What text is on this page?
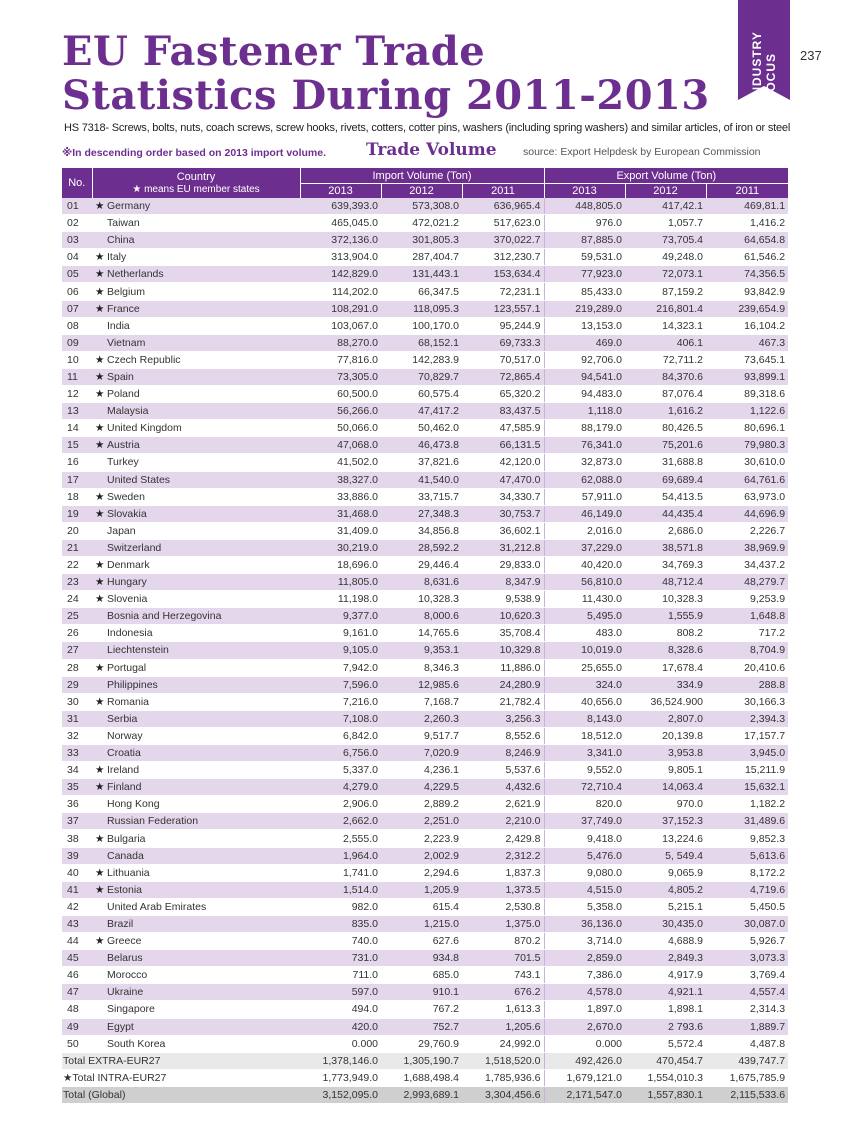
EU Fastener Trade
Statistics During 2011-2013	INDUSTRY FOCUS	237
HS 7318- Screws, bolts, nuts, coach screws, screw hooks, rivets, cotters, cotter pins, washers (including spring washers) and similar articles, of iron or steel
※In descending order based on 2013 import volume. Trade Volume	source: Export Helpdesk by European Commission
No.	Country
★ means EU member states	Import Volume (Ton)			Export Volume (Ton)		
		2013	2012	2011	2013	2012	2011
01	★ Germany	639,393.0	573,308.0	636,965.4	448,805.0	417,42.1	469,81.1
02	Taiwan	465,045.0	472,021.2	517,623.0	976.0	1,057.7	1,416.2
03	China	372,136.0	301,805.3	370,022.7	87,885.0	73,705.4	64,654.8
04	★ Italy	313,904.0	287,404.7	312,230.7	59,531.0	49,248.0	61,546.2
05	★ Netherlands	142,829.0	131,443.1	153,634.4	77,923.0	72,073.1	74,356.5
06	★ Belgium	114,202.0	66,347.5	72,231.1	85,433.0	87,159.2	93,842.9
07	★ France	108,291.0	118,095.3	123,557.1	219,289.0	216,801.4	239,654.9
08	India	103,067.0	100,170.0	95,244.9	13,153.0	14,323.1	16,104.2
09	Vietnam	88,270.0	68,152.1	69,733.3	469.0	406.1	467.3
10	★ Czech Republic	77,816.0	142,283.9	70,517.0	92,706.0	72,711.2	73,645.1
11	★ Spain	73,305.0	70,829.7	72,865.4	94,541.0	84,370.6	93,899.1
12	★ Poland	60,500.0	60,575.4	65,320.2	94,483.0	87,076.4	89,318.6
13	Malaysia	56,266.0	47,417.2	83,437.5	1,118.0	1,616.2	1,122.6
14	★ United Kingdom	50,066.0	50,462.0	47,585.9	88,179.0	80,426.5	80,696.1
15	★ Austria	47,068.0	46,473.8	66,131.5	76,341.0	75,201.6	79,980.3
16	Turkey	41,502.0	37,821.6	42,120.0	32,873.0	31,688.8	30,610.0
17	United States	38,327.0	41,540.0	47,470.0	62,088.0	69,689.4	64,761.6
18	★ Sweden	33,886.0	33,715.7	34,330.7	57,911.0	54,413.5	63,973.0
19	★ Slovakia	31,468.0	27,348.3	30,753.7	46,149.0	44,435.4	44,696.9
20	Japan	31,409.0	34,856.8	36,602.1	2,016.0	2,686.0	2,226.7
21	Switzerland	30,219.0	28,592.2	31,212.8	37,229.0	38,571.8	38,969.9
22	★ Denmark	18,696.0	29,446.4	29,833.0	40,420.0	34,769.3	34,437.2
23	★ Hungary	11,805.0	8,631.6	8,347.9	56,810.0	48,712.4	48,279.7
24	★ Slovenia	11,198.0	10,328.3	9,538.9	11,430.0	10,328.3	9,253.9
25	Bosnia and Herzegovina	9,377.0	8,000.6	10,620.3	5,495.0	1,555.9	1,648.8
26	Indonesia	9,161.0	14,765.6	35,708.4	483.0	808.2	717.2
27	Liechtenstein	9,105.0	9,353.1	10,329.8	10,019.0	8,328.6	8,704.9
28	★ Portugal	7,942.0	8,346.3	11,886.0	25,655.0	17,678.4	20,410.6
29	Philippines	7,596.0	12,985.6	24,280.9	324.0	334.9	288.8
30	★ Romania	7,216.0	7,168.7	21,782.4	40,656.0	36,524.900	30,166.3
31	Serbia	7,108.0	2,260.3	3,256.3	8,143.0	2,807.0	2,394.3
32	Norway	6,842.0	9,517.7	8,552.6	18,512.0	20,139.8	17,157.7
33	Croatia	6,756.0	7,020.9	8,246.9	3,341.0	3,953.8	3,945.0
34	★ Ireland	5,337.0	4,236.1	5,537.6	9,552.0	9,805.1	15,211.9
35	★ Finland	4,279.0	4,229.5	4,432.6	72,710.4	14,063.4	15,632.1
36	Hong Kong	2,906.0	2,889.2	2,621.9	820.0	970.0	1,182.2
37	Russian Federation	2,662.0	2,251.0	2,210.0	37,749.0	37,152.3	31,489.6
38	★ Bulgaria	2,555.0	2,223.9	2,429.8	9,418.0	13,224.6	9,852.3
39	Canada	1,964.0	2,002.9	2,312.2	5,476.0	5, 549.4	5,613.6
40	★ Lithuania	1,741.0	2,294.6	1,837.3	9,080.0	9,065.9	8,172.2
41	★ Estonia	1,514.0	1,205.9	1,373.5	4,515.0	4,805.2	4,719.6
42	United Arab Emirates	982.0	615.4	2,530.8	5,358.0	5,215.1	5,450.5
43	Brazil	835.0	1,215.0	1,375.0	36,136.0	30,435.0	30,087.0
44	★ Greece	740.0	627.6	870.2	3,714.0	4,688.9	5,926.7
45	Belarus	731.0	934.8	701.5	2,859.0	2,849.3	3,073.3
46	Morocco	711.0	685.0	743.1	7,386.0	4,917.9	3,769.4
47	Ukraine	597.0	910.1	676.2	4,578.0	4,921.1	4,557.4
48	Singapore	494.0	767.2	1,613.3	1,897.0	1,898.1	2,314.3
49	Egypt	420.0	752.7	1,205.6	2,670.0	2 793.6	1,889.7
50	South Korea	0.000	29,760.9	24,992.0	0.000	5,572.4	4,487.8
Total EXTRA-EUR27		1,378,146.0	1,305,190.7	1,518,520.0	492,426.0	470,454.7	439,747.7
★Total INTRA-EUR27		1,773,949.0	1,688,498.4	1,785,936.6	1,679,121.0	1,554,010.3	1,675,785.9
Total (Global)		3,152,095.0	2,993,689.1	3,304,456.6	2,171,547.0	1,557,830.1	2,115,533.6
